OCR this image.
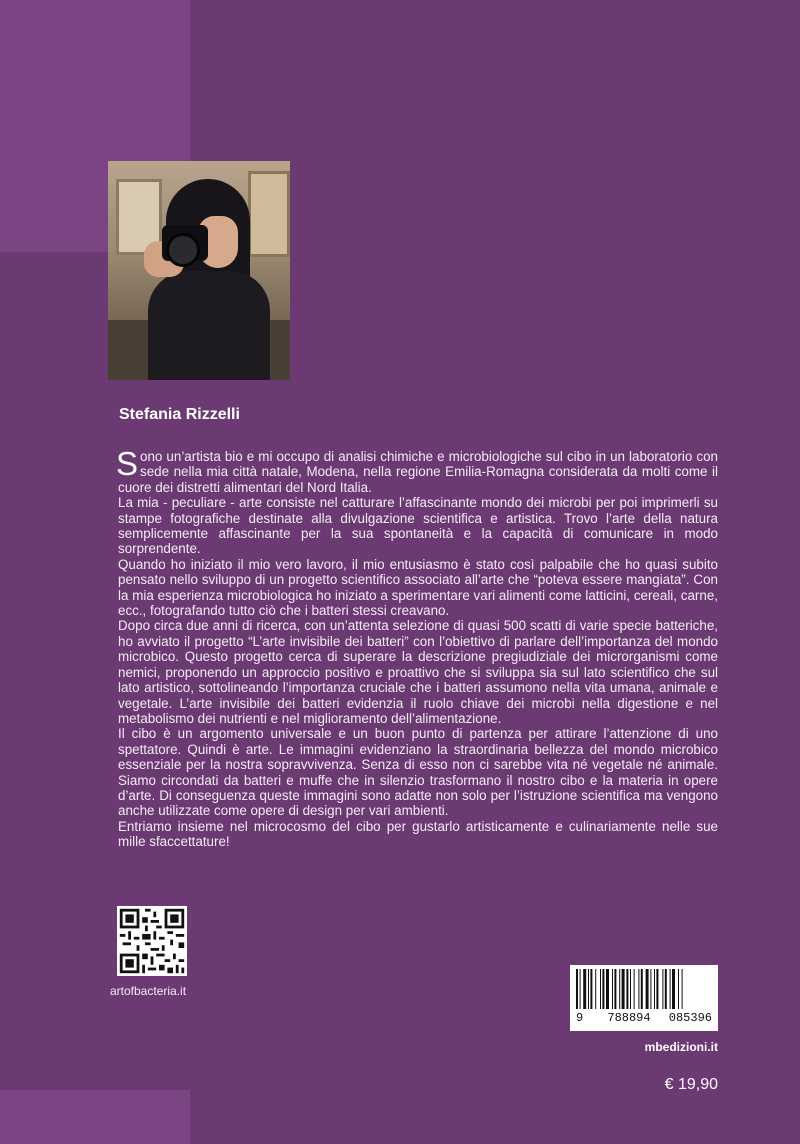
Stefania Rizzelli

Sono un’artista bio e mi occupo di analisi chimiche e microbiologiche sul cibo in un laboratorio con sede nella mia città natale, Modena, nella regione Emilia-Romagna considerata da molti come il cuore dei distretti alimentari del Nord Italia.

La mia - peculiare - arte consiste nel catturare l’affascinante mondo dei microbi per poi imprimerli su stampe fotografiche destinate alla divulgazione scientifica e artistica. Trovo l’arte della natura semplicemente affascinante per la sua spontaneità e la capacità di comunicare in modo sorprendente.

Quando ho iniziato il mio vero lavoro, il mio entusiasmo è stato così palpabile che ho quasi subito pensato nello sviluppo di un progetto scientifico associato all’arte che “poteva essere mangiata”. Con la mia esperienza microbiologica ho iniziato a sperimentare vari alimenti come latticini, cereali, carne, ecc., fotografando tutto ciò che i batteri stessi creavano.

Dopo circa due anni di ricerca, con un’attenta selezione di quasi 500 scatti di varie specie batteriche, ho avviato il progetto “L’arte invisibile dei batteri” con l’obiettivo di parlare dell’importanza del mondo microbico. Questo progetto cerca di superare la descrizione pregiudiziale dei microrganismi come nemici, proponendo un approccio positivo e proattivo che si sviluppa sia sul lato scientifico che sul lato artistico, sottolineando l’importanza cruciale che i batteri assumono nella vita umana, animale e vegetale. L’arte invisibile dei batteri evidenzia il ruolo chiave dei microbi nella digestione e nel metabolismo dei nutrienti e nel miglioramento dell’alimentazione.

Il cibo è un argomento universale e un buon punto di partenza per attirare l’attenzione di uno spettatore. Quindi è arte. Le immagini evidenziano la straordinaria bellezza del mondo microbico essenziale per la nostra sopravvivenza. Senza di esso non ci sarebbe vita né vegetale né animale. Siamo circondati da batteri e muffe che in silenzio trasformano il nostro cibo e la materia in opere d’arte. Di conseguenza queste immagini sono adatte non solo per l’istruzione scientifica ma vengono anche utilizzate come opere di design per vari ambienti.

Entriamo insieme nel microcosmo del cibo per gustarlo artisticamente e culinariamente nelle sue mille sfaccettature!

artofbacteria.it
9 788894 085396
mbedizioni.it
€ 19,90
